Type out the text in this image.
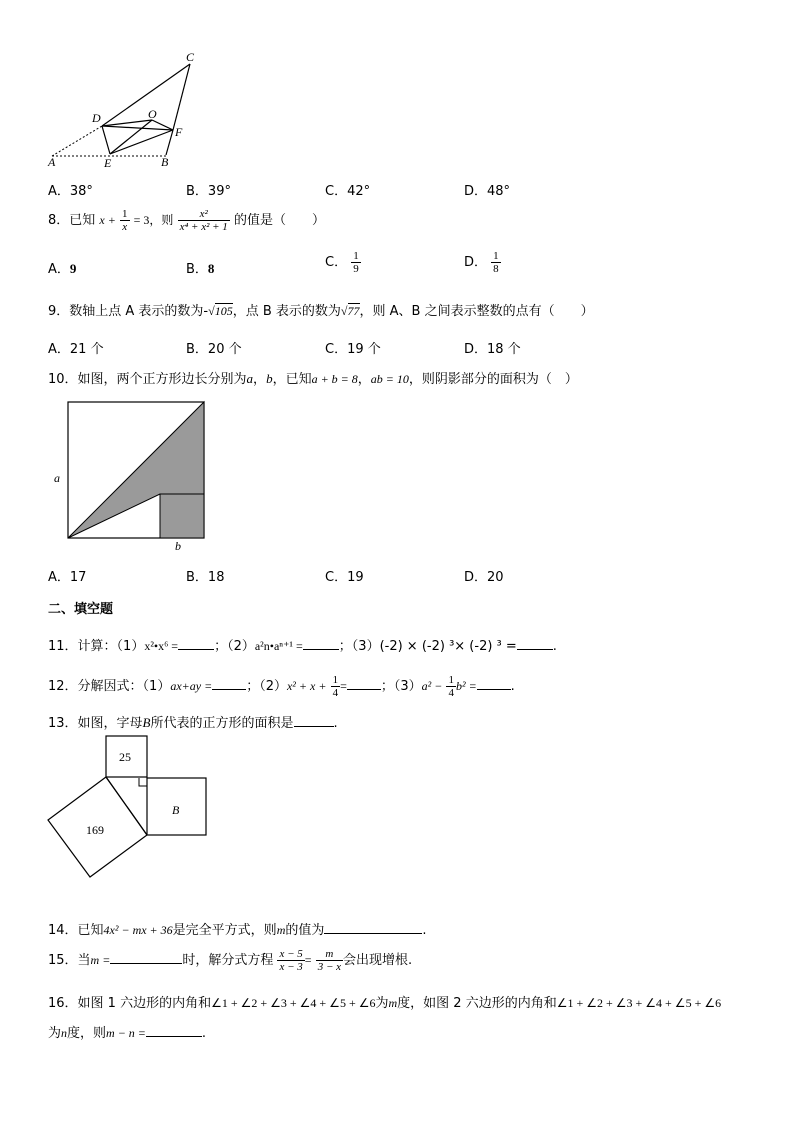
C
D	O
F
A	E	B
A．38°	B．39°	C．42°	D．48°
8．已知 $x + \frac{1}{x} = 3$，则 $\frac{\text{x²}}{\text{x⁴ + x² + 1}}$ 的值是（　　）
A．9	B．8	C． $\frac{1}{9}$	D． $\frac{1}{8}$
9．数轴上点 A 表示的数为-√105，点 B 表示的数为√77，则 A、B 之间表示整数的点有（　　）
A．21 个	B．20 个	C．19 个	D．18 个
10．如图，两个正方形边长分别为a，b，已知a + b = 8，ab = 10，则阴影部分的面积为（　）
a
b
A．17	B．18	C．19	D．20
二、填空题
11．计算：（1）x²•x⁶ =	；（2）a²n•aⁿ⁺¹ =	；（3）(-2) × (-2) ³× (-2) ³ =	.
12．分解因式：（1）ax+ay =	；$(2)x^2 + x + \frac{1}{4}$ =	；$(3)a^2 - \frac{1}{4} b^2$ =	.
13．如图，字母B所代表的正方形的面积是	.
25
169
B
14．已知4x² − mx + 36是完全平方式，则m的值为	.
15．当m =	时，解分式方程 $\frac{x - 5}{x - 3} = \frac{m}{3 - x}$ 会出现增根.
16．如图 1 六边形的内角和∠1 + ∠2 + ∠3 + ∠4 + ∠5 + ∠6为m度，如图 2 六边形的内角和∠1 + ∠2 + ∠3 + ∠4 + ∠5 + ∠6
为n度，则m − n =	.
